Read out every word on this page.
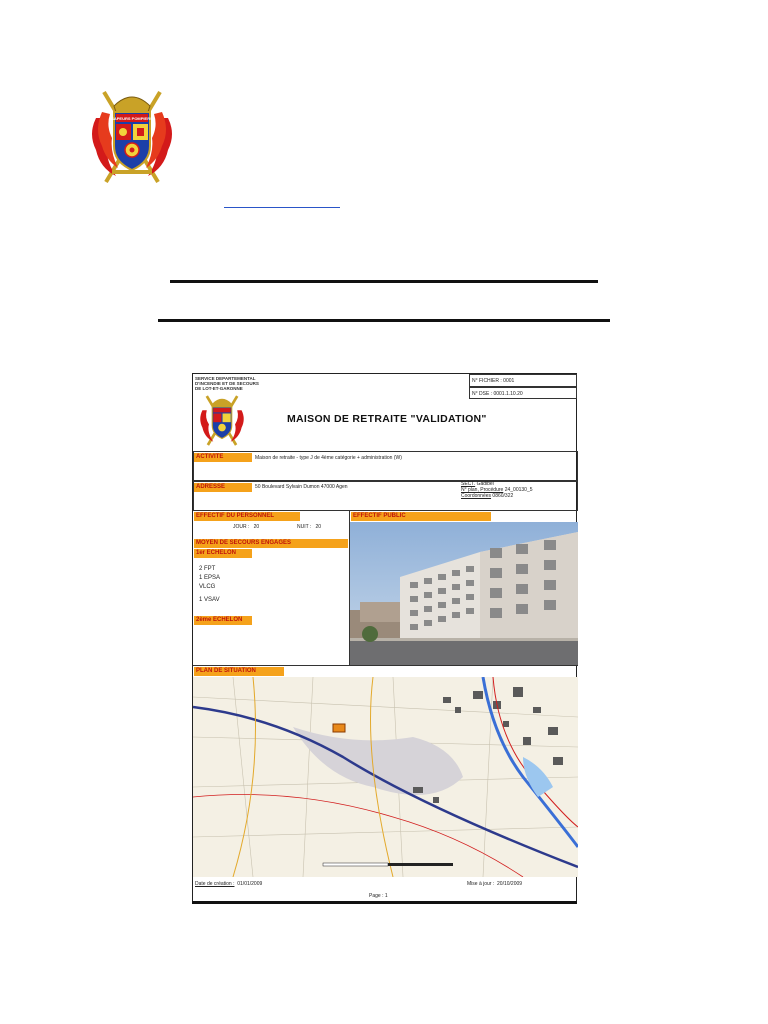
SAPEURS POMPIERS
SERVICE DEPARTEMENTAL
D'INCENDIE ET DE SECOURS
DE LOT-ET-GARONNE
N° FICHIER : 0001
N° DSE : 0001.1.10.20
MAISON DE RETRAITE "VALIDATION"
ACTIVITE	Maison de retraite - type J de 4ème catégorie + administration (W)
ADRESSE	50 Boulevard Sylvain Dumon 47000 Agen	SECT. Gadibel
N° plan, Procédure 24_00130_5
Coordonnées 0860/322
EFFECTIF DU PERSONNEL
JOUR : 20	NUIT : 20
EFFECTIF PUBLIC

MOYEN DE SECOURS ENGAGES
1er ECHELON
2 FPT
1 EPSA
VLCG
1 VSAV
2ème ECHELON
PLAN DE SITUATION
Date de création : 01/01/2009	Mise à jour : 20/10/2009
Page : 1
